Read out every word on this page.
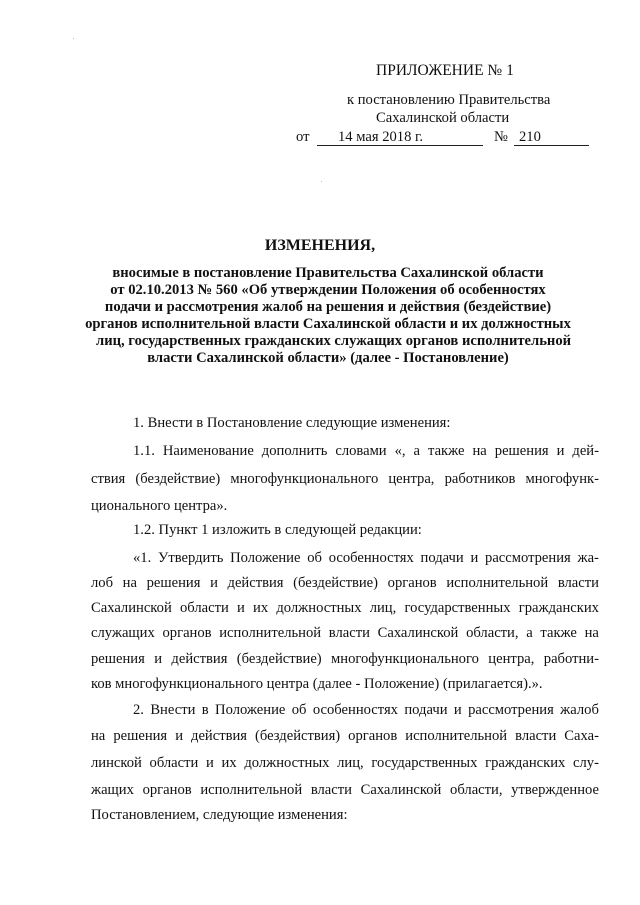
ПРИЛОЖЕНИЕ № 1
к постановлению Правительства
Сахалинской области
от 14 мая 2018 г.	№ 210
ИЗМЕНЕНИЯ,
вносимые в постановление Правительства Сахалинской области
от 02.10.2013 № 560 «Об утверждении Положения об особенностях
подачи и рассмотрения жалоб на решения и действия (бездействие)
органов исполнительной власти Сахалинской области и их должностных
лиц, государственных гражданских служащих органов исполнительной
власти Сахалинской области» (далее - Постановление)
1. Внести в Постановление следующие изменения:
1.1. Наименование дополнить словами «, а также на решения и дей-
ствия (бездействие) многофункционального центра, работников многофунк-
ционального центра».
1.2. Пункт 1 изложить в следующей редакции:
«1. Утвердить Положение об особенностях подачи и рассмотрения жа-
лоб на решения и действия (бездействие) органов исполнительной власти
Сахалинской области и их должностных лиц, государственных гражданских
служащих органов исполнительной власти Сахалинской области, а также на
решения и действия (бездействие) многофункционального центра, работни-
ков многофункционального центра (далее - Положение) (прилагается).».
2. Внести в Положение об особенностях подачи и рассмотрения жалоб
на решения и действия (бездействия) органов исполнительной власти Саха-
линской области и их должностных лиц, государственных гражданских слу-
жащих органов исполнительной власти Сахалинской области, утвержденное
Постановлением, следующие изменения:
